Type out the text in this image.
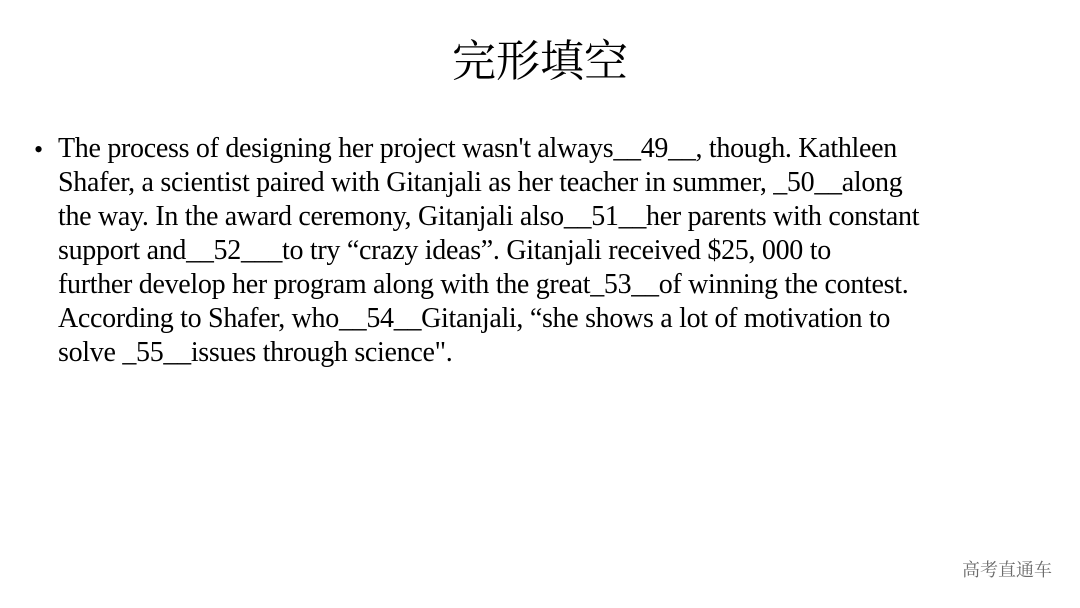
完形填空
• The process of designing her project wasn't always__49__, though. Kathleen
Shafer, a scientist paired with Gitanjali as her teacher in summer, _50__along
the way. In the award ceremony, Gitanjali also__51__her parents with constant
support and__52___to try “crazy ideas”. Gitanjali received $25, 000 to
further develop her program along with the great_53__of winning the contest.
According to Shafer, who__54__Gitanjali, “she shows a lot of motivation to
solve _55__issues through science".
高考直通车
